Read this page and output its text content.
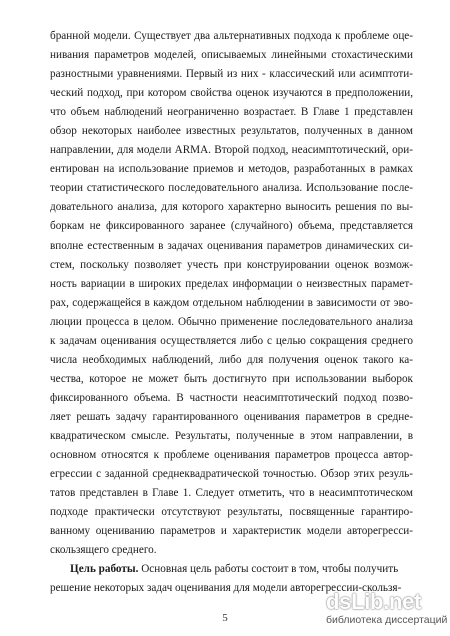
бранной модели. Существует два альтернативных подхода к проблеме оце-
нивания параметров моделей, описываемых линейными стохастическими
разностными уравнениями. Первый из них - классический или асимптоти-
ческий подход, при котором свойства оценок изучаются в предположении,
что объем наблюдений неограниченно возрастает. В Главе 1 представлен
обзор некоторых наиболее известных результатов, полученных в данном
направлении, для модели ARMA. Второй подход, неасимптотический, ори-
ентирован на использование приемов и методов, разработанных в рамках
теории статистического последовательного анализа. Использование после-
довательного анализа, для которого характерно выносить решения по вы-
боркам не фиксированного заранее (случайного) объема, представляется
вполне естественным в задачах оценивания параметров динамических си-
стем, поскольку позволяет учесть при конструировании оценок возмож-
ность вариации в широких пределах информации о неизвестных парамет-
рах, содержащейся в каждом отдельном наблюдении в зависимости от эво-
люции процесса в целом. Обычно применение последовательного анализа
к задачам оценивания осуществляется либо с целью сокращения среднего
числа необходимых наблюдений, либо для получения оценок такого ка-
чества, которое не может быть достигнуто при использовании выборок
фиксированного объема. В частности неасимптотический подход позво-
ляет решать задачу гарантированного оценивания параметров в средне-
квадратическом смысле. Результаты, полученные в этом направлении, в
основном относятся к проблеме оценивания параметров процесса автор-
егрессии с заданной среднеквадратической точностью. Обзор этих резуль-
татов представлен в Главе 1. Следует отметить, что в неасимптотическом
подходе практически отсутствуют результаты, посвященные гарантиро-
ванному оцениванию параметров и характеристик модели авторегресси-
скользящего среднего.
Цель работы. Основная цель работы состоит в том, чтобы получить
решение некоторых задач оценивания для модели авторегрессии-скользя-
5
dsLib.net
библиотека диссертаций
